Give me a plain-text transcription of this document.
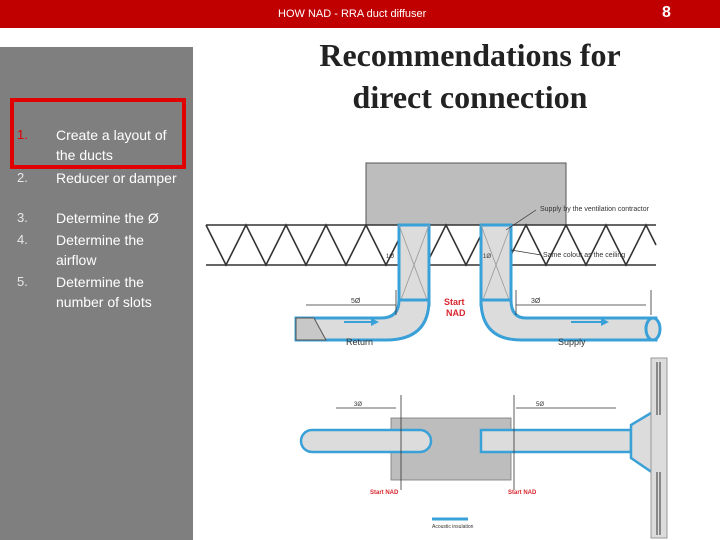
HOW NAD - RRA duct diffuser	8
Recommendations for
direct connection
1. Create a layout of the ducts
2. Reducer or damper
3. Determine the Ø
4. Determine the airflow
5. Determine the number of slots	5Ø	3Ø
1Ø	1Ø
Supply by the ventilation contractor
Same colour as the ceiling
Start
NAD
Return	Supply
3Ø	5Ø
Start NAD	Start NAD
Acoustic insulation
